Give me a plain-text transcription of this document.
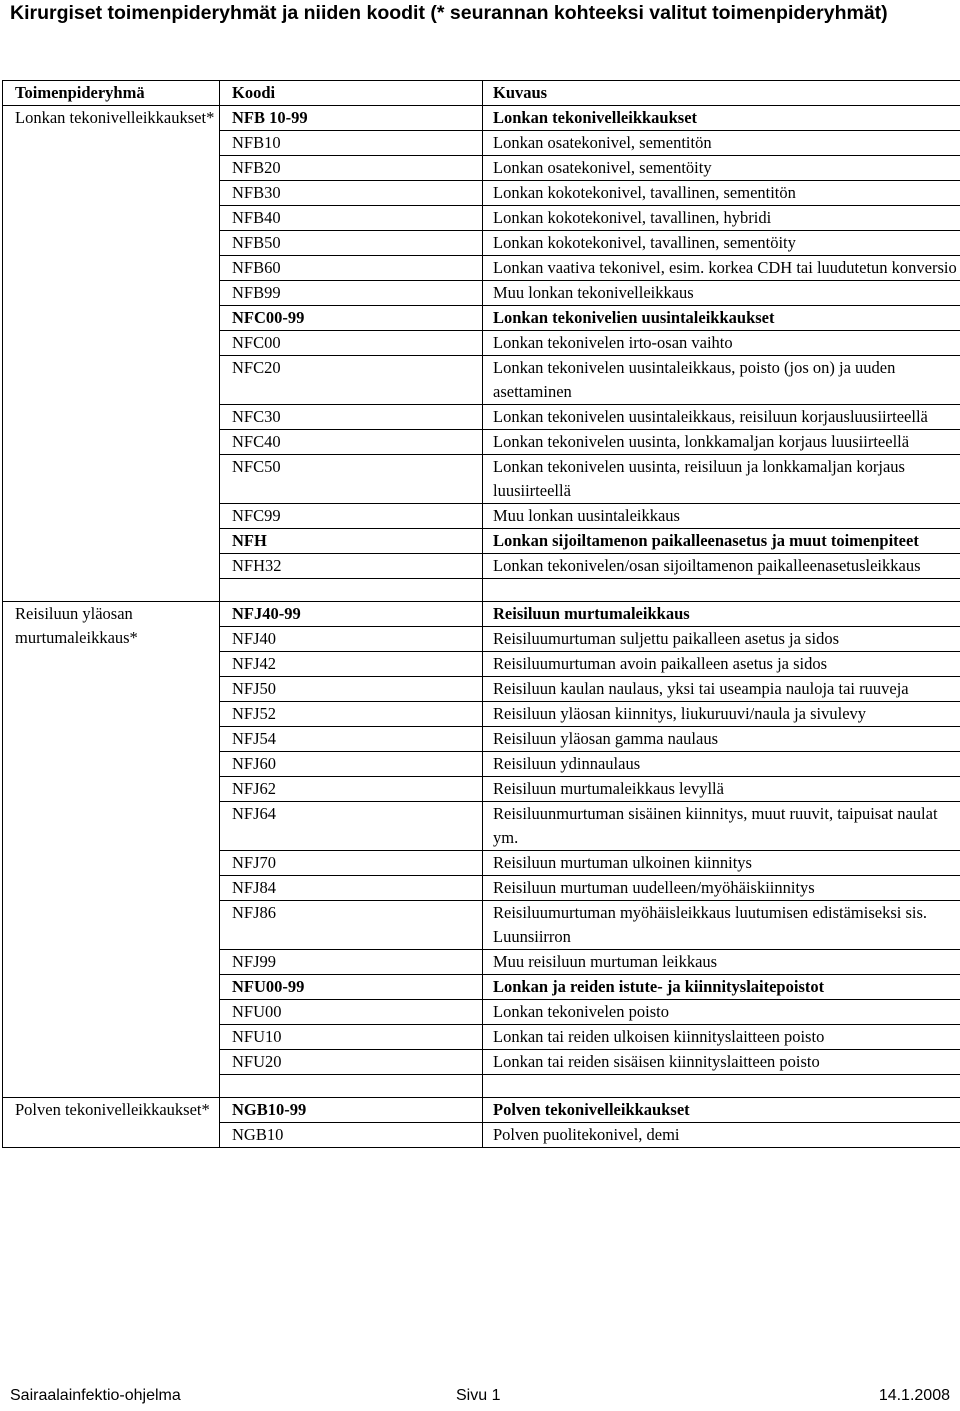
Kirurgiset toimenpideryhmät ja niiden koodit (* seurannan kohteeksi valitut toimenpideryhmät)
Toimenpideryhmä	Koodi	Kuvaus
Lonkan tekonivelleikkaukset*	NFB 10-99	Lonkan tekonivelleikkaukset
	NFB10	Lonkan osatekonivel, sementitön
	NFB20	Lonkan osatekonivel, sementöity
	NFB30	Lonkan kokotekonivel, tavallinen, sementitön
	NFB40	Lonkan kokotekonivel, tavallinen, hybridi
	NFB50	Lonkan kokotekonivel, tavallinen, sementöity
	NFB60	Lonkan vaativa tekonivel, esim. korkea CDH tai luudutetun konversio
	NFB99	Muu lonkan tekonivelleikkaus
	NFC00-99	Lonkan tekonivelien uusintaleikkaukset
	NFC00	Lonkan tekonivelen irto-osan vaihto
	NFC20	Lonkan tekonivelen uusintaleikkaus, poisto (jos on) ja uuden asettaminen
	NFC30	Lonkan tekonivelen uusintaleikkaus, reisiluun korjausluusiirteellä
	NFC40	Lonkan tekonivelen uusinta, lonkkamaljan korjaus luusiirteellä
	NFC50	Lonkan tekonivelen uusinta, reisiluun ja lonkkamaljan korjaus luusiirteellä
	NFC99	Muu lonkan uusintaleikkaus
	NFH	Lonkan sijoiltamenon paikalleenasetus ja muut toimenpiteet
	NFH32	Lonkan tekonivelen/osan sijoiltamenon paikalleenasetusleikkaus

Reisiluun yläosan murtumaleikkaus*	NFJ40-99	Reisiluun murtumaleikkaus
	NFJ40	Reisiluumurtuman suljettu paikalleen asetus ja sidos
	NFJ42	Reisiluumurtuman avoin paikalleen asetus ja sidos
	NFJ50	Reisiluun kaulan naulaus, yksi tai useampia nauloja tai ruuveja
	NFJ52	Reisiluun yläosan kiinnitys, liukuruuvi/naula ja sivulevy
	NFJ54	Reisiluun yläosan gamma naulaus
	NFJ60	Reisiluun ydinnaulaus
	NFJ62	Reisiluun murtumaleikkaus levyllä
	NFJ64	Reisiluunmurtuman sisäinen kiinnitys, muut ruuvit, taipuisat naulat ym.
	NFJ70	Reisiluun murtuman ulkoinen kiinnitys
	NFJ84	Reisiluun murtuman uudelleen/myöhäiskiinnitys
	NFJ86	Reisiluumurtuman myöhäisleikkaus luutumisen edistämiseksi sis. Luunsiirron
	NFJ99	Muu reisiluun murtuman leikkaus
	NFU00-99	Lonkan ja reiden istute- ja kiinnityslaitepoistot
	NFU00	Lonkan tekonivelen poisto
	NFU10	Lonkan tai reiden ulkoisen kiinnityslaitteen poisto
	NFU20	Lonkan tai reiden sisäisen kiinnityslaitteen poisto

Polven tekonivelleikkaukset*	NGB10-99	Polven tekonivelleikkaukset
	NGB10	Polven puolitekonivel, demi
Sairaalainfektio-ohjelma	Sivu 1	14.1.2008
